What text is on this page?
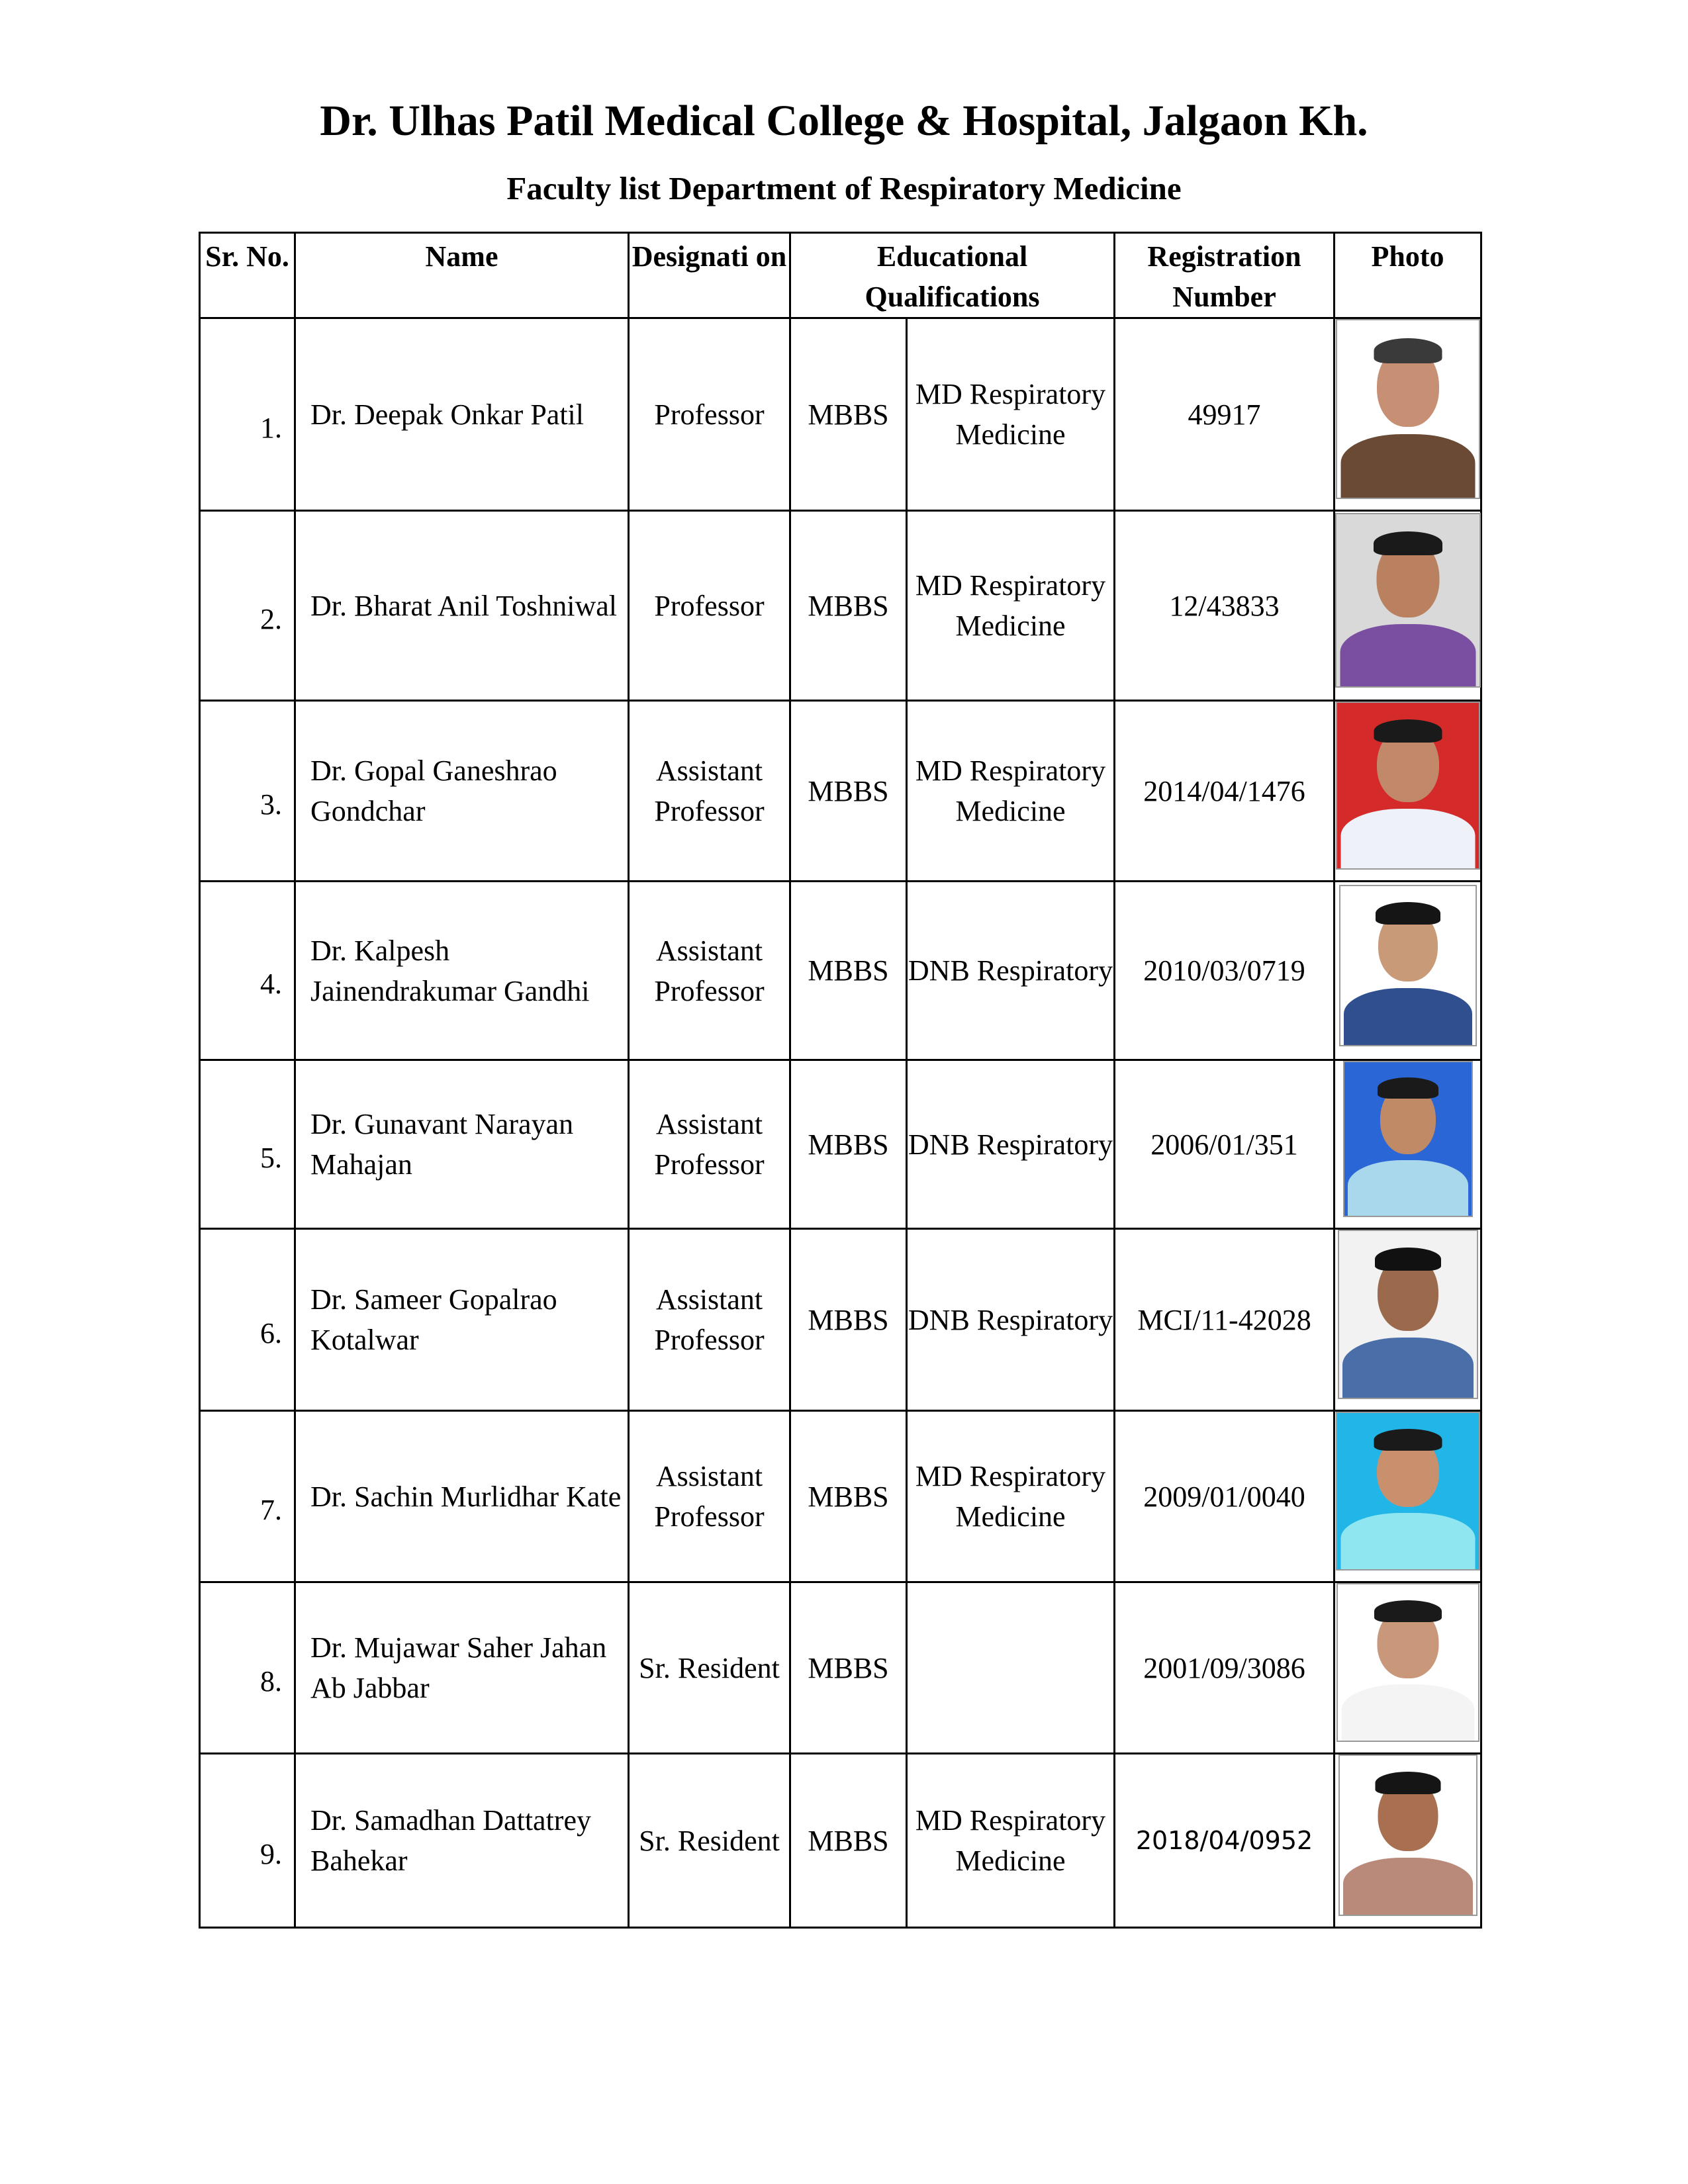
Dr. Ulhas Patil Medical College & Hospital, Jalgaon Kh.
Faculty list Department of Respiratory Medicine
Sr. No.	Name	Designati on	Educational Qualifications		Registration Number	Photo
1.	Dr. Deepak Onkar Patil	Professor	MBBS	MD Respiratory Medicine	49917	

2.	Dr. Bharat Anil Toshniwal	Professor	MBBS	MD Respiratory Medicine	12/43833	

3.	Dr. Gopal Ganeshrao Gondchar	Assistant Professor	MBBS	MD Respiratory Medicine	2014/04/1476	

4.	Dr. Kalpesh Jainendrakumar Gandhi	Assistant Professor	MBBS	DNB Respiratory	2010/03/0719	

5.	Dr. Gunavant Narayan Mahajan	Assistant Professor	MBBS	DNB Respiratory	2006/01/351	

6.	Dr. Sameer Gopalrao Kotalwar	Assistant Professor	MBBS	DNB Respiratory	MCI/11-42028	

7.	Dr. Sachin Murlidhar Kate	Assistant Professor	MBBS	MD Respiratory Medicine	2009/01/0040	

8.	Dr. Mujawar Saher Jahan Ab Jabbar	Sr. Resident	MBBS		2001/09/3086	

9.	Dr. Samadhan Dattatrey Bahekar	Sr. Resident	MBBS	MD Respiratory Medicine	2018/04/0952	
